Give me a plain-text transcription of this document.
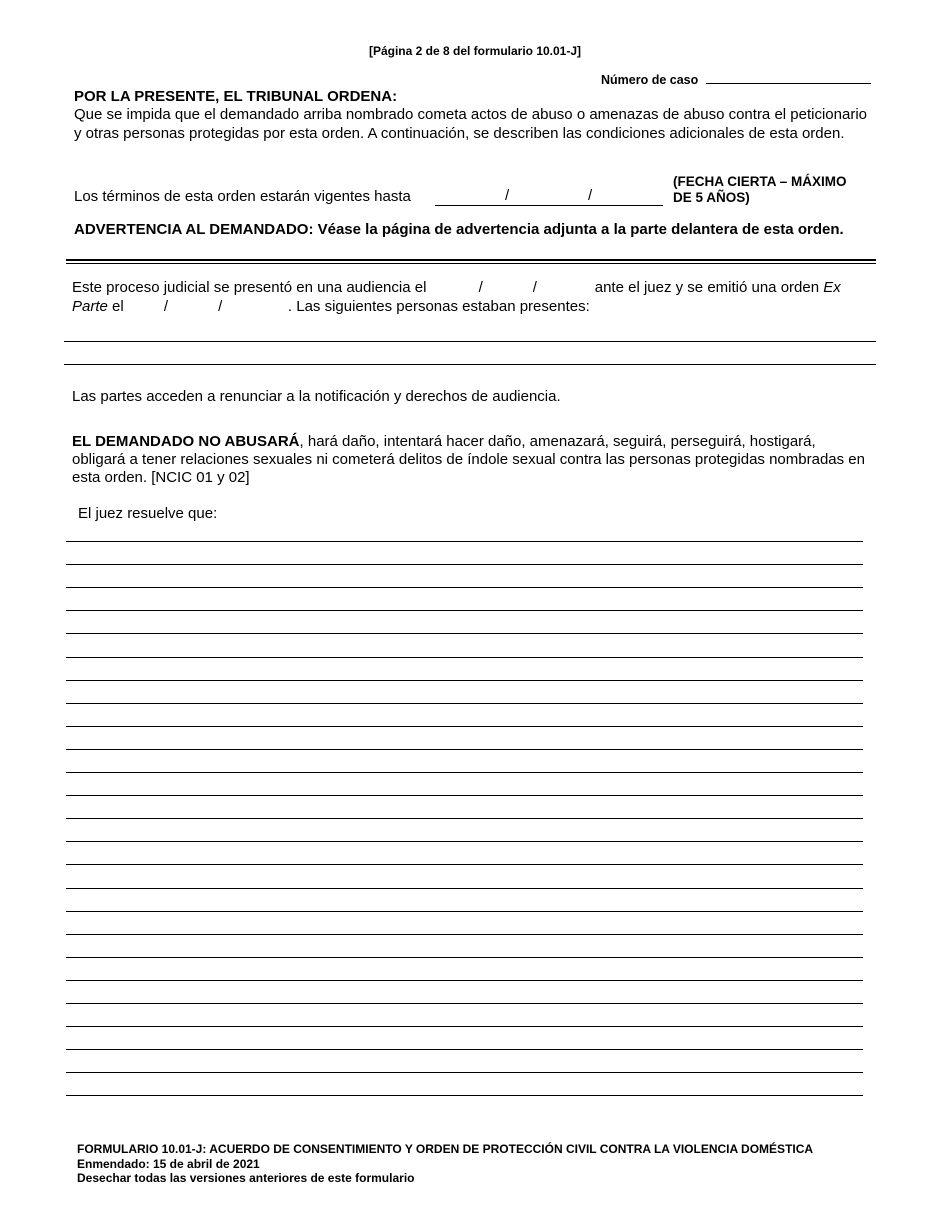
[Página 2 de 8 del formulario 10.01-J]
Número de caso
POR LA PRESENTE, EL TRIBUNAL ORDENA:
Que se impida que el demandado arriba nombrado cometa actos de abuso o amenazas de abuso contra el peticionario y otras personas protegidas por esta orden. A continuación, se describen las condiciones adicionales de esta orden.
Los términos de esta orden estarán vigentes hasta	/	/
(FECHA CIERTA – MÁXIMO
DE 5 AÑOS)
ADVERTENCIA AL DEMANDADO: Véase la página de advertencia adjunta a la parte delantera de esta orden.
Este proceso judicial se presentó en una audiencia el	/	/	ante el juez y se emitió una orden Ex Parte el	/	/	. Las siguientes personas estaban presentes:
Las partes acceden a renunciar a la notificación y derechos de audiencia.
EL DEMANDADO NO ABUSARÁ, hará daño, intentará hacer daño, amenazará, seguirá, perseguirá, hostigará, obligará a tener relaciones sexuales ni cometerá delitos de índole sexual contra las personas protegidas nombradas en esta orden. [NCIC 01 y 02]
El juez resuelve que:
FORMULARIO 10.01-J: ACUERDO DE CONSENTIMIENTO Y ORDEN DE PROTECCIÓN CIVIL CONTRA LA VIOLENCIA DOMÉSTICA
Enmendado: 15 de abril de 2021
Desechar todas las versiones anteriores de este formulario
